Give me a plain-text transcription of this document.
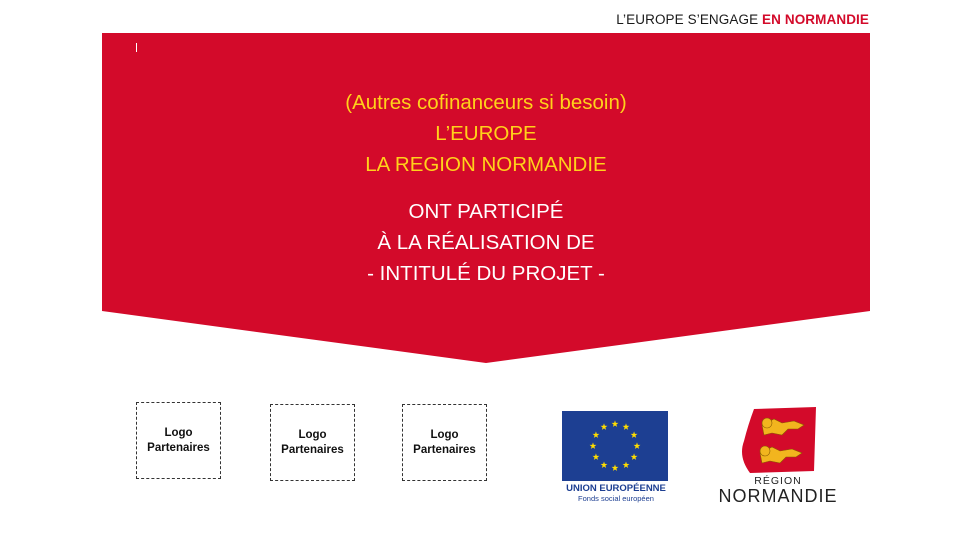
L’EUROPE S’ENGAGE EN NORMANDIE
(Autres cofinanceurs si besoin)
L’EUROPE
LA REGION NORMANDIE
ONT PARTICIPÉ
À LA RÉALISATION DE
- INTITULÉ DU PROJET -
Logo
Partenaires
Logo
Partenaires
Logo
Partenaires
UNION EUROPÉENNE
Fonds social européen
RÉGION
NORMANDIE
